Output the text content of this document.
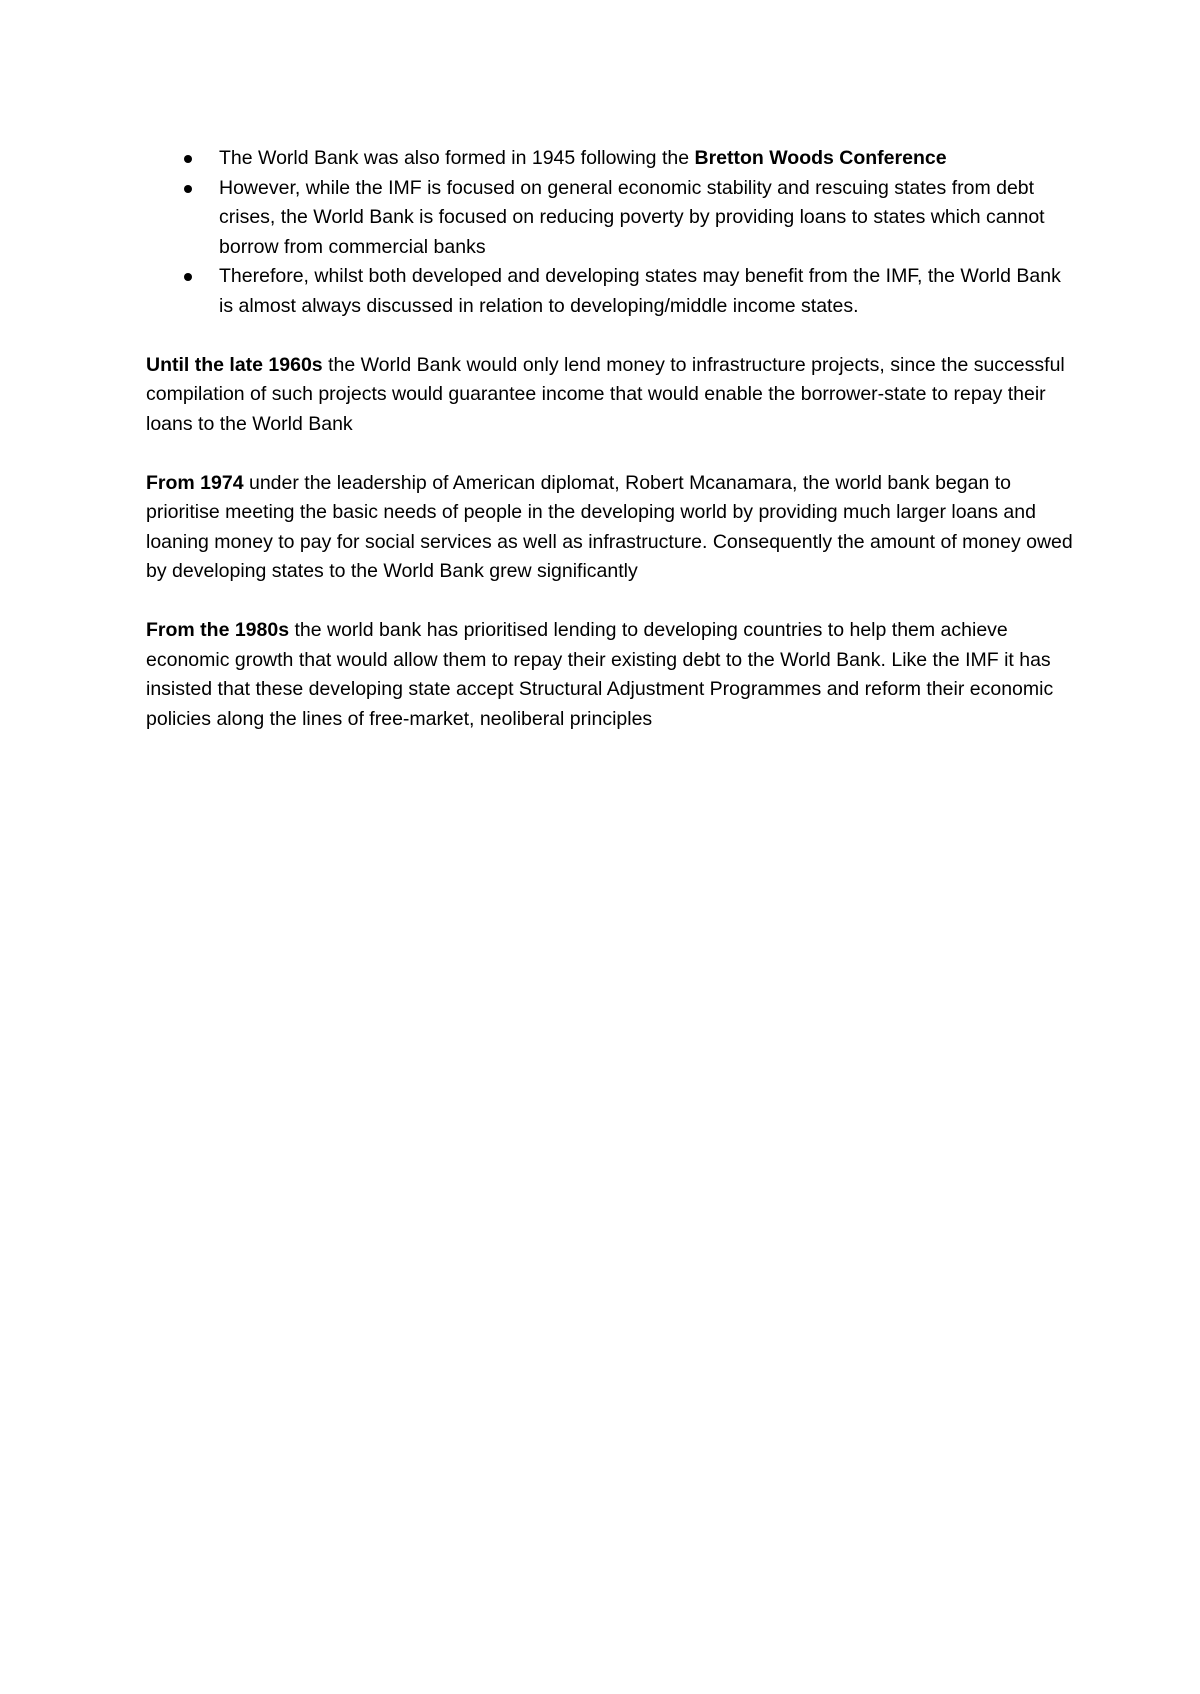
The World Bank was also formed in 1945 following the Bretton Woods Conference
However, while the IMF is focused on general economic stability and rescuing states from debt crises, the World Bank is focused on reducing poverty by providing loans to states which cannot borrow from commercial banks
Therefore, whilst both developed and developing states may benefit from the IMF, the World Bank is almost always discussed in relation to developing/middle income states.

Until the late 1960s the World Bank would only lend money to infrastructure projects, since the successful compilation of such projects would guarantee income that would enable the borrower-state to repay their loans to the World Bank

From 1974 under the leadership of American diplomat, Robert Mcanamara, the world bank began to prioritise meeting the basic needs of people in the developing world by providing much larger loans and loaning money to pay for social services as well as infrastructure. Consequently the amount of money owed by developing states to the World Bank grew significantly

From the 1980s the world bank has prioritised lending to developing countries to help them achieve economic growth that would allow them to repay their existing debt to the World Bank. Like the IMF it has insisted that these developing state accept Structural Adjustment Programmes and reform their economic policies along the lines of free-market, neoliberal principles
